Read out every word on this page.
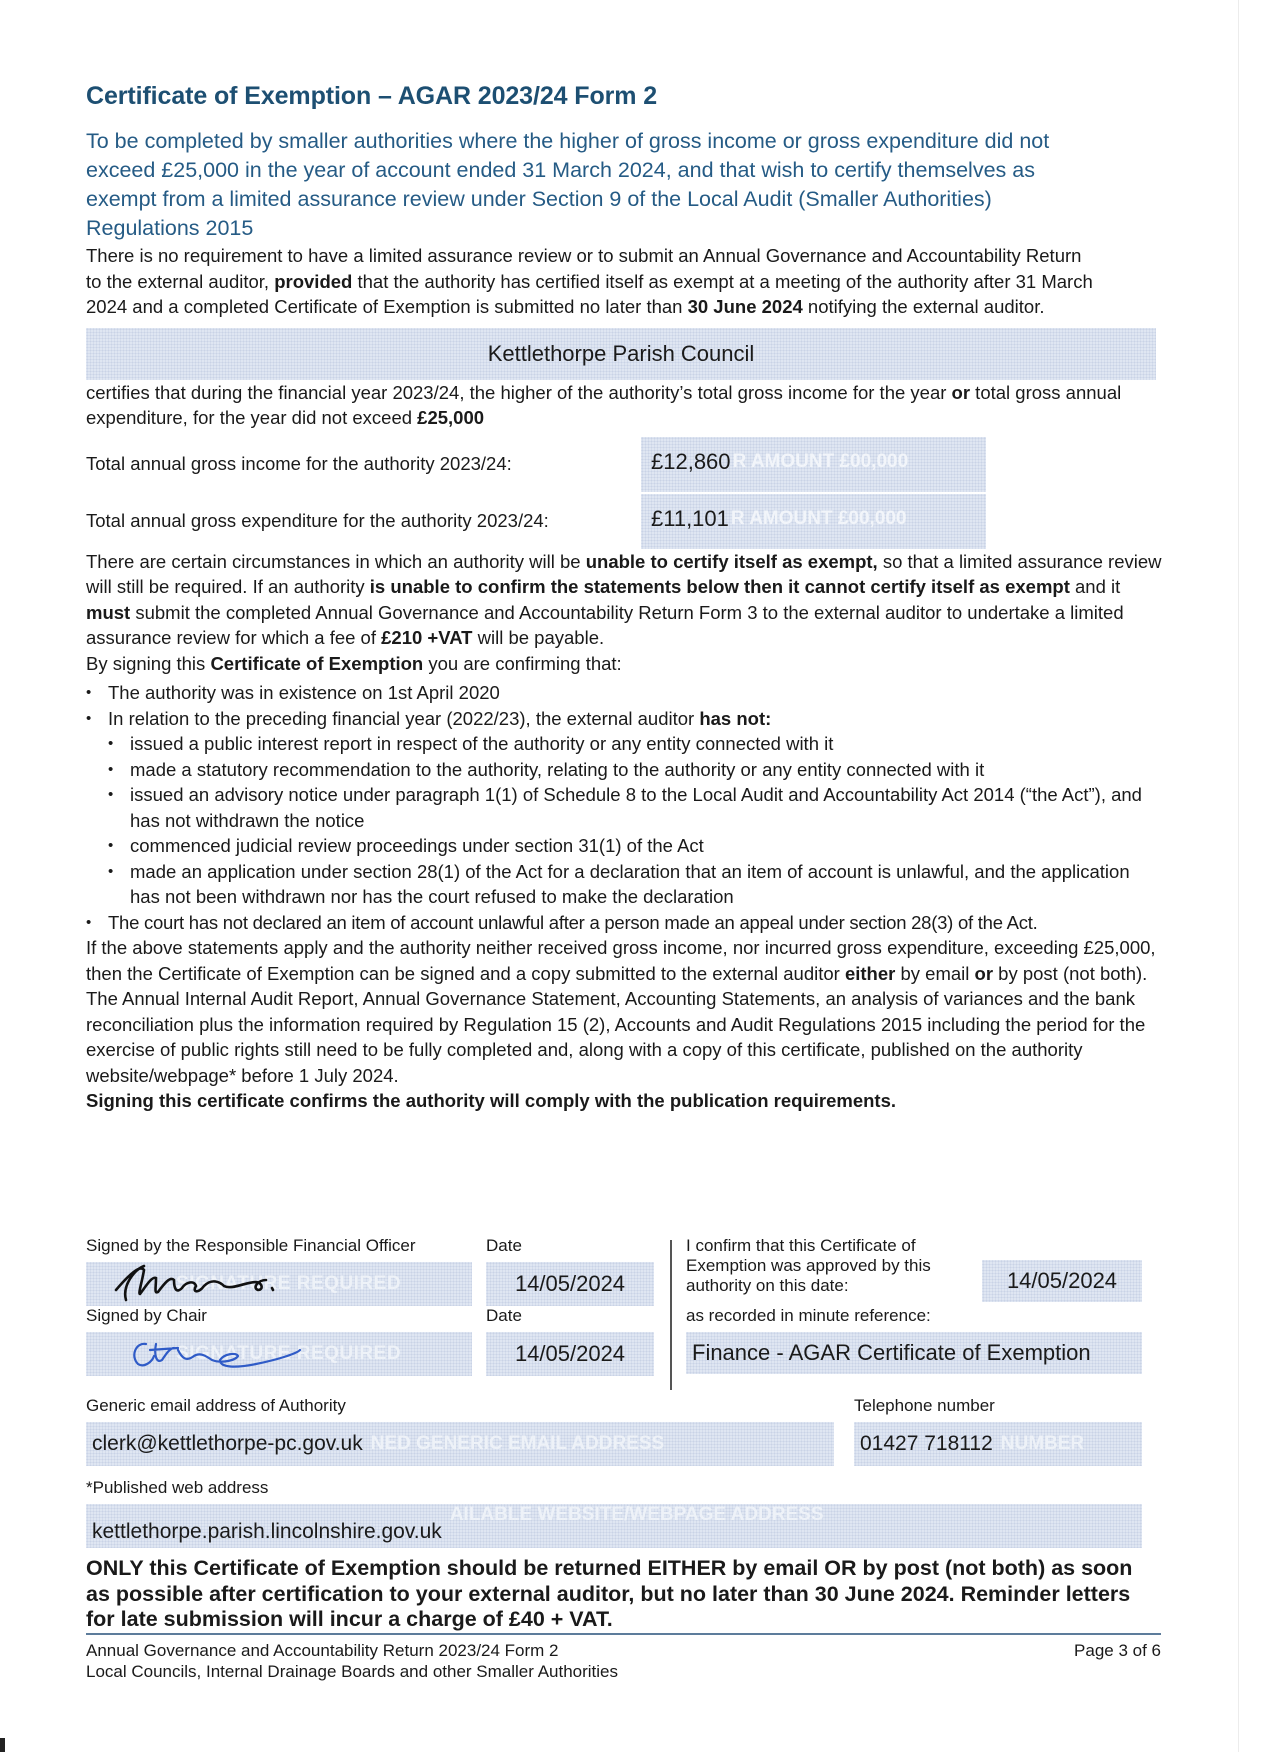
Certificate of Exemption – AGAR 2023/24 Form 2
To be completed by smaller authorities where the higher of gross income or gross expenditure did not exceed £25,000 in the year of account ended 31 March 2024, and that wish to certify themselves as exempt from a limited assurance review under Section 9 of the Local Audit (Smaller Authorities) Regulations 2015

There is no requirement to have a limited assurance review or to submit an Annual Governance and Accountability Return to the external auditor, provided that the authority has certified itself as exempt at a meeting of the authority after 31 March 2024 and a completed Certificate of Exemption is submitted no later than 30 June 2024 notifying the external auditor.

Kettlethorpe Parish Council

certifies that during the financial year 2023/24, the higher of the authority’s total gross income for the year or total gross annual expenditure, for the year did not exceed £25,000

Total annual gross income for the authority 2023/24:	£12,860 R AMOUNT £00,000
Total annual gross expenditure for the authority 2023/24:	£11,101 R AMOUNT £00,000

There are certain circumstances in which an authority will be unable to certify itself as exempt, so that a limited assurance review will still be required. If an authority is unable to confirm the statements below then it cannot certify itself as exempt and it must submit the completed Annual Governance and Accountability Return Form 3 to the external auditor to undertake a limited assurance review for which a fee of £210 +VAT will be payable.

By signing this Certificate of Exemption you are confirming that:

• The authority was in existence on 1st April 2020
• In relation to the preceding financial year (2022/23), the external auditor has not:
• issued a public interest report in respect of the authority or any entity connected with it
• made a statutory recommendation to the authority, relating to the authority or any entity connected with it
• issued an advisory notice under paragraph 1(1) of Schedule 8 to the Local Audit and Accountability Act 2014 (“the Act”), and has not withdrawn the notice
• commenced judicial review proceedings under section 31(1) of the Act
• made an application under section 28(1) of the Act for a declaration that an item of account is unlawful, and the application has not been withdrawn nor has the court refused to make the declaration
• The court has not declared an item of account unlawful after a person made an appeal under section 28(3) of the Act.

If the above statements apply and the authority neither received gross income, nor incurred gross expenditure, exceeding £25,000, then the Certificate of Exemption can be signed and a copy submitted to the external auditor either by email or by post (not both).

The Annual Internal Audit Report, Annual Governance Statement, Accounting Statements, an analysis of variances and the bank reconciliation plus the information required by Regulation 15 (2), Accounts and Audit Regulations 2015 including the period for the exercise of public rights still need to be fully completed and, along with a copy of this certificate, published on the authority website/webpage* before 1 July 2024.
Signing this certificate confirms the authority will comply with the publication requirements.

Signed by the Responsible Financial Officer	Date
SIGNATURE REQUIRED	14/05/2024
Signed by Chair	Date
SIGNATURE REQUIRED	14/05/2024
I confirm that this Certificate of Exemption was approved by this authority on this date:	14/05/2024
as recorded in minute reference:
Finance - AGAR Certificate of Exemption
Generic email address of Authority	Telephone number
clerk@kettlethorpe-pc.gov.uk NED GENERIC EMAIL ADDRESS	01427 718112 NUMBER
*Published web address
kettlethorpe.parish.lincolnshire.gov.uk
AILABLE WEBSITE/WEBPAGE ADDRESS
ONLY this Certificate of Exemption should be returned EITHER by email OR by post (not both) as soon as possible after certification to your external auditor, but no later than 30 June 2024. Reminder letters for late submission will incur a charge of £40 + VAT.
Annual Governance and Accountability Return 2023/24 Form 2
Local Councils, Internal Drainage Boards and other Smaller Authorities
Page 3 of 6
